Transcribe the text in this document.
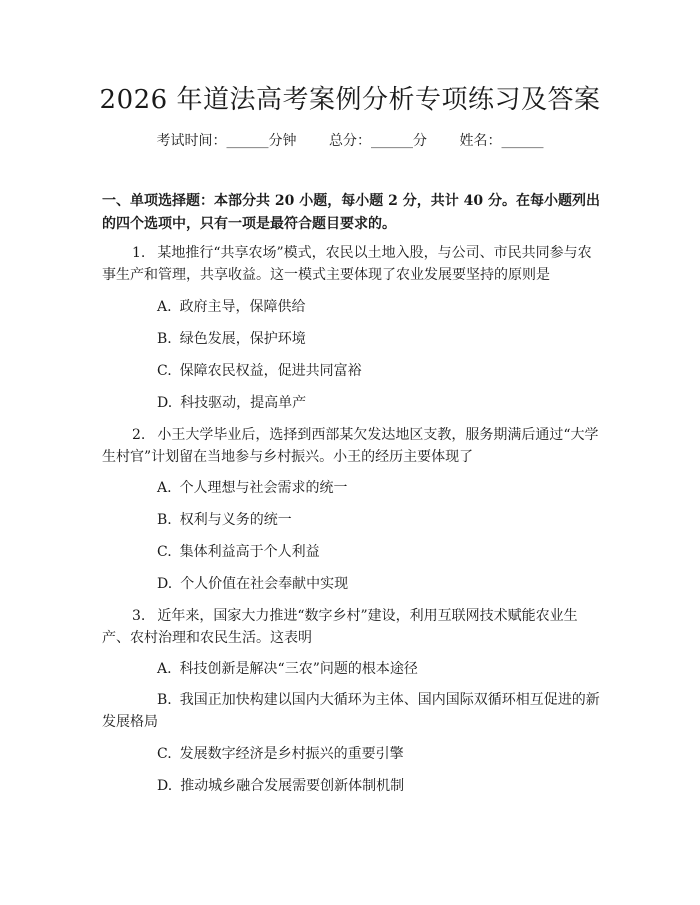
2026 年道法高考案例分析专项练习及答案
考试时间：______分钟 总分：______分 姓名：______
一、单项选择题：本部分共 20 小题，每小题 2 分，共计 40 分。在每小题列出的四个选项中，只有一项是最符合题目要求的。
1. 某地推行“共享农场”模式，农民以土地入股，与公司、市民共同参与农事生产和管理，共享收益。这一模式主要体现了农业发展要坚持的原则是
A. 政府主导，保障供给
B. 绿色发展，保护环境
C. 保障农民权益，促进共同富裕
D. 科技驱动，提高单产
2. 小王大学毕业后，选择到西部某欠发达地区支教，服务期满后通过“大学生村官”计划留在当地参与乡村振兴。小王的经历主要体现了
A. 个人理想与社会需求的统一
B. 权利与义务的统一
C. 集体利益高于个人利益
D. 个人价值在社会奉献中实现
3. 近年来，国家大力推进“数字乡村”建设，利用互联网技术赋能农业生产、农村治理和农民生活。这表明
A. 科技创新是解决“三农”问题的根本途径
B. 我国正加快构建以国内大循环为主体、国内国际双循环相互促进的新发展格局
C. 发展数字经济是乡村振兴的重要引擎
D. 推动城乡融合发展需要创新体制机制
